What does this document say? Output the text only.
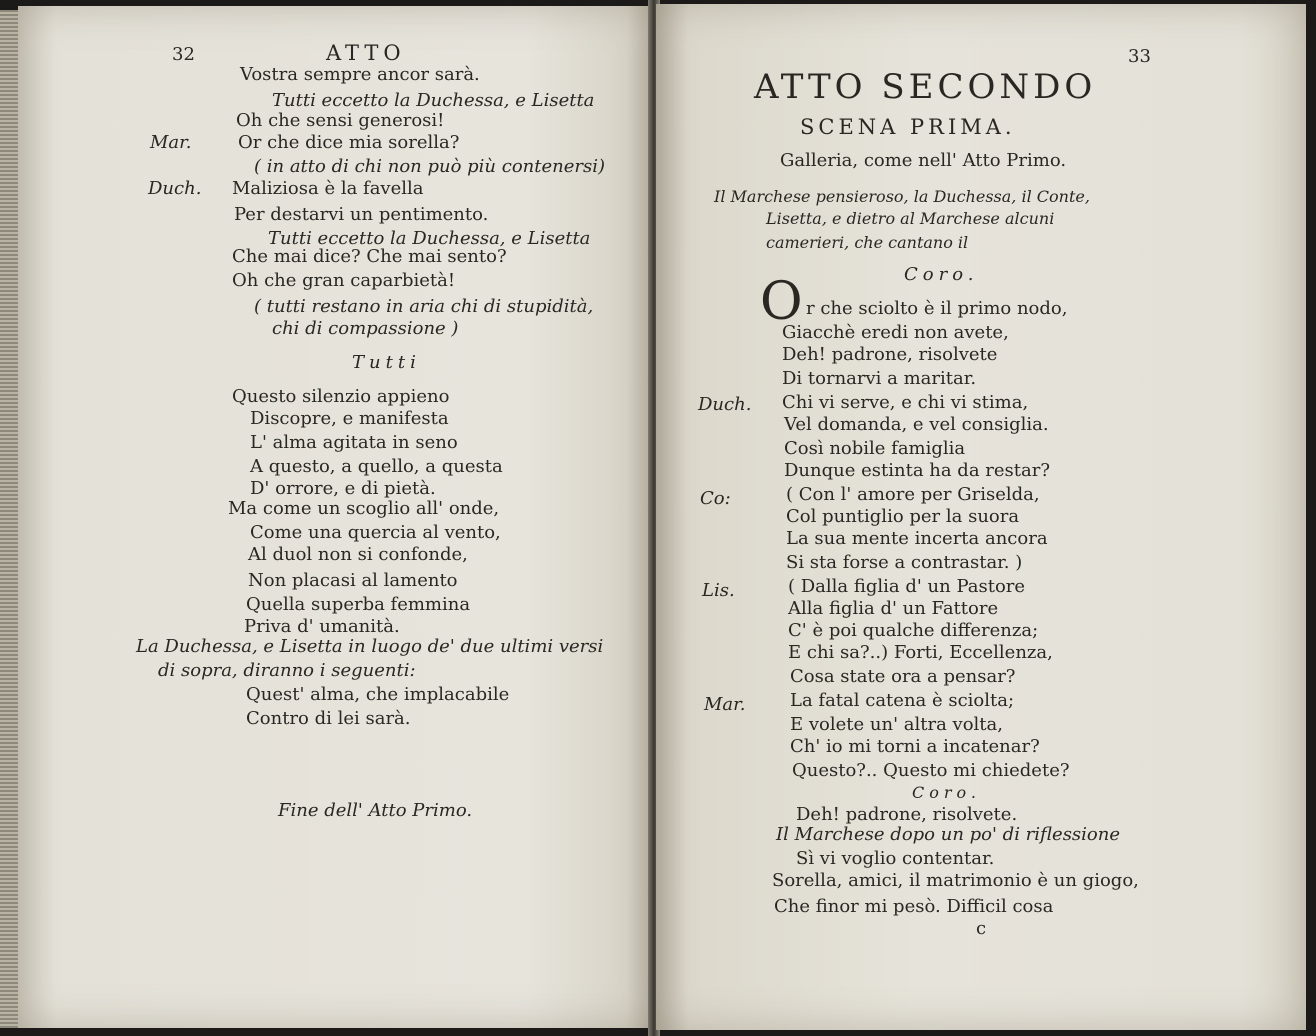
32	ATTO
Vostra sempre ancor sarà.
Tutti eccetto la Duchessa, e Lisetta
Oh che sensi generosi!
Mar.	Or che dice mia sorella?
( in atto di chi non può più contenersi)
Duch. Maliziosa è la favella
Per destarvi un pentimento.
Tutti eccetto la Duchessa, e Lisetta
Che mai dice? Che mai sento?
Oh che gran caparbietà!
( tutti restano in aria chi di stupidità,
chi di compassione )
Tutti
Questo silenzio appieno
Discopre, e manifesta
L' alma agitata in seno
A questo, a quello, a questa
D' orrore, e di pietà.
Ma come un scoglio all' onde,
Come una quercia al vento,
Al duol non si confonde,
Non placasi al lamento
Quella superba femmina
Priva d' umanità.
La Duchessa, e Lisetta in luogo de' due ultimi versi
di sopra, diranno i seguenti:
Quest' alma, che implacabile
Contro di lei sarà.
Fine dell' Atto Primo.
33
ATTO SECONDO
SCENA PRIMA.
Galleria, come nell' Atto Primo.
Il Marchese pensieroso, la Duchessa, il Conte,
Lisetta, e dietro al Marchese alcuni
camerieri, che cantano il
Coro.
O r che sciolto è il primo nodo,
Giacchè eredi non avete,
Deh! padrone, risolvete
Di tornarvi a maritar.
Duch. Chi vi serve, e chi vi stima,
Vel domanda, e vel consiglia.
Così nobile famiglia
Dunque estinta ha da restar?
Co:	( Con l' amore per Griselda,
Col puntiglio per la suora
La sua mente incerta ancora
Si sta forse a contrastar. )
Lis.	( Dalla figlia d' un Pastore
Alla figlia d' un Fattore
C' è poi qualche differenza;
E chi sa?..) Forti, Eccellenza,
Cosa state ora a pensar?
Mar. La fatal catena è sciolta;
E volete un' altra volta,
Ch' io mi torni a incatenar?
Questo?.. Questo mi chiedete?
Coro.
Deh! padrone, risolvete.
Il Marchese dopo un po' di riflessione
Sì vi voglio contentar.
Sorella, amici, il matrimonio è un giogo,
Che finor mi pesò. Difficil cosa
c
